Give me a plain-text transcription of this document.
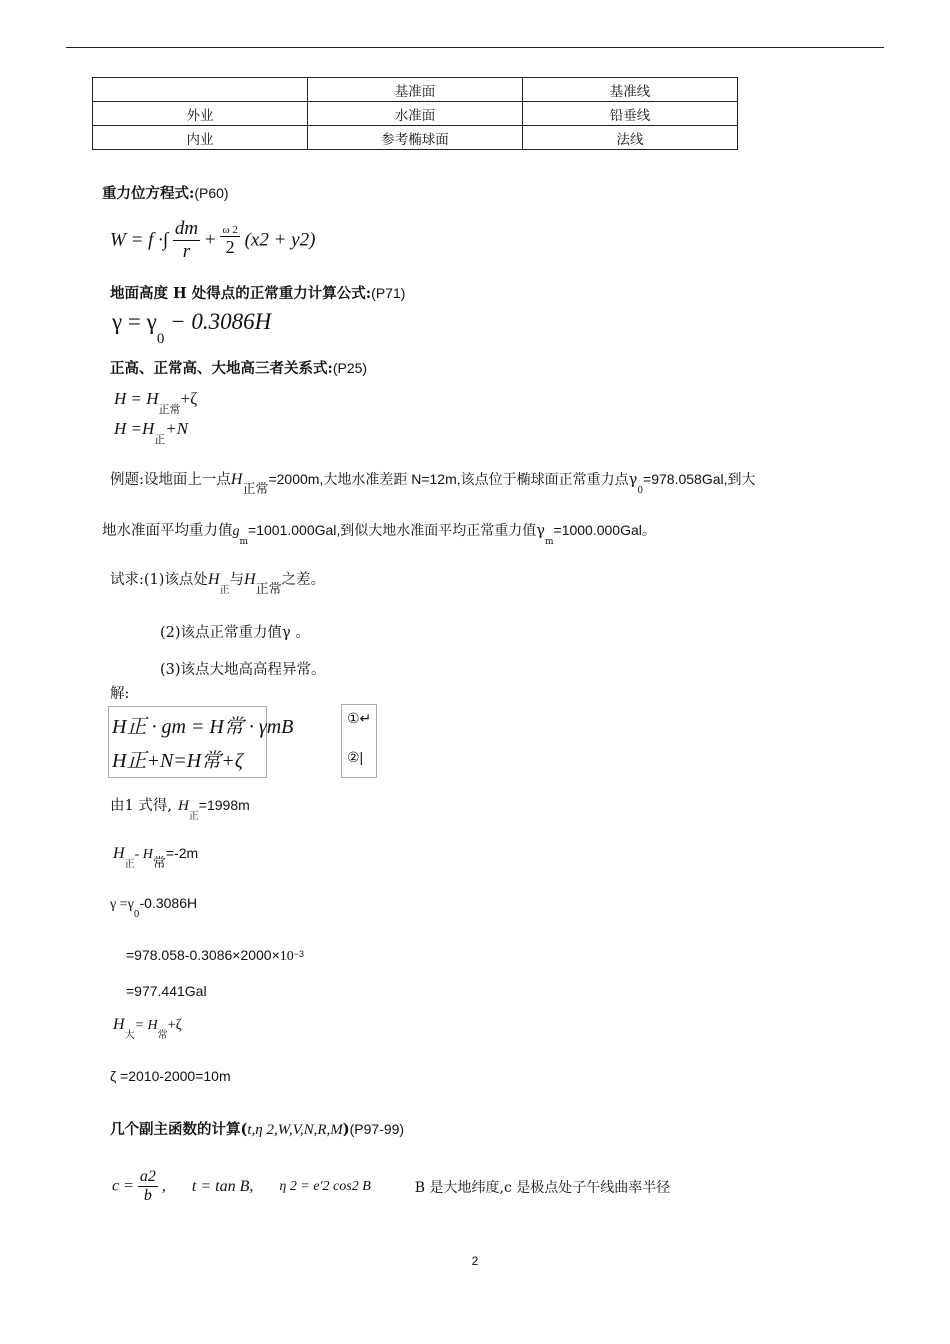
	基准面	基准线
外业	水准面	铅垂线
内业	参考椭球面	法线
重力位方程式:(P60)
W = f ·∫ $\frac{dm}{r} + \frac{\omega 2}{2} (x2 + y2)$
地面高度 H 处得点的正常重力计算公式:(P71)
$\gamma = \gamma_0 - 0.3086H$
正高、正常高、大地高三者关系式:(P25)
$H = H_{正常}+\zeta$
$H =H_正+N$
例题:设地面上一点H正常=2000m,大地水准差距 N=12m,该点位于椭球面正常重力点$\gamma_0=978.058Gal$,到大
地水准面平均重力值$g_m=1001.000Gal$,到似大地水准面平均正常重力值$\gamma_m=1000.000Gal$。
试求:(1)该点处$H_正$与H正常之差。
(2)该点正常重力值γ 。
(3)该点大地高高程异常。
解:
H正 · gm = H常 · γmB
H正+N=H常+ζ
①↵
②|
由1 式得, $H_正=1998m$
$H_正-$ H常=-2m
$\gamma =\gamma_0-0.3086H$
$=978.058-0.3086\times 2000\times 10^{-3}$
=977.441Gal
$H_大= H_常+\zeta$
ζ =2010-2000=10m
几个副主函数的计算(t,η 2,W,V,N,R,M)(P97-99)
$c = \frac{a2}{b}$ , t = tan B, η 2 = e′2 cos2 B	B 是大地纬度,c 是极点处子午线曲率半径
2
